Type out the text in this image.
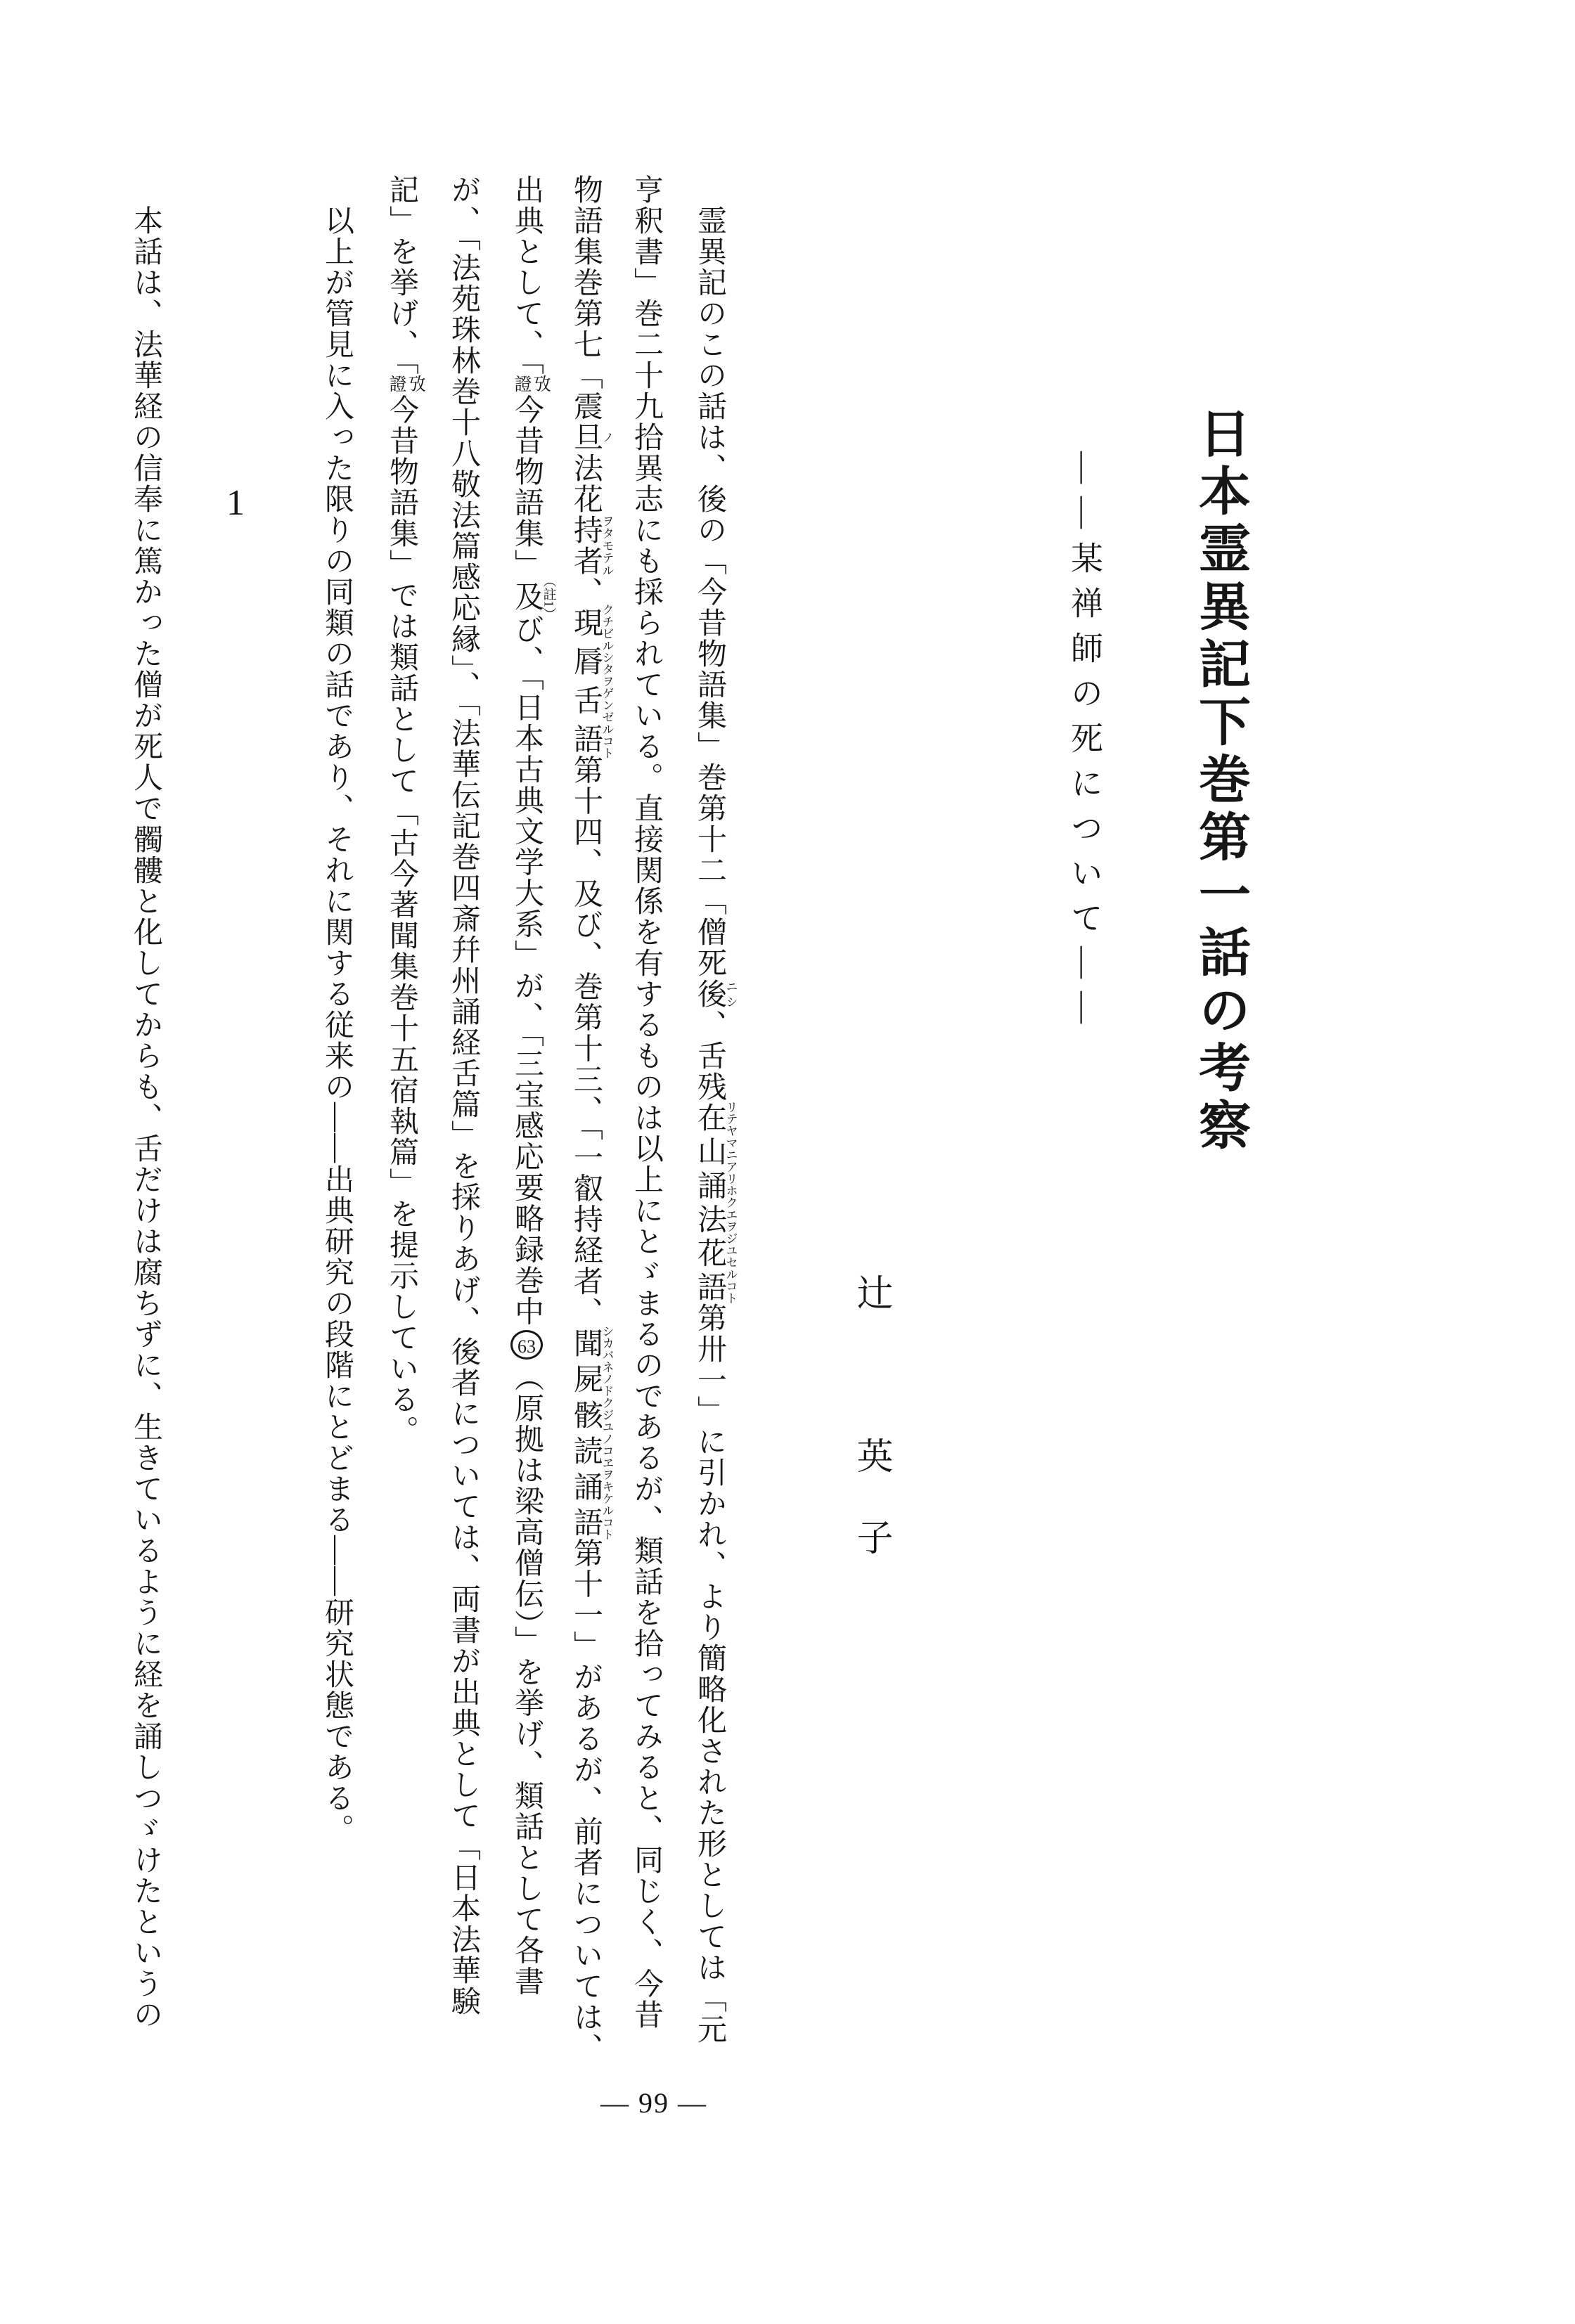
日本霊異記下巻第一話の考察
——某禅師の死について——
辻　　　英　子
　霊異記のこの話は、後の「今昔物語集」巻第十二「僧死後ニシ、舌残在山誦法花語リテヤマニアリホクエヲジユセルコト第卅一」に引かれ、より簡略化された形としては「元
亨釈書」巻二十九拾異志にも採られている。直接関係を有するものは以上にとゞまるのであるが、類話を拾ってみると、同じく、今昔
物語集巻第七「震旦ノ法花持者ヲタモテル、現脣舌語クチビルシタヲゲンゼルコト第十四、及び、巻第十三、「一叡持経者、聞屍骸読誦語シカバネノドクジユノコヱヲキケルコト第十一」があるが、前者については、
出典として、「
攷
證
今昔物語集」及（註1）び、「日本古典文学大系」が、「三宝感応要略録巻中63（原拠は梁高僧伝）」を挙げ、類話として各書
が、「法苑珠林巻十八敬法篇感応縁」、「法華伝記巻四斎幷州誦経舌篇」を採りあげ、後者については、両書が出典として「日本法華験
記」を挙げ、「
攷
證
今昔物語集」では類話として「古今著聞集巻十五宿執篇」を提示している。
　以上が管見に入った限りの同類の話であり、それに関する従来の——出典研究の段階にとどまる——研究状態である。
　本話は、法華経の信奉に篤かった僧が死人で髑髏と化してからも、舌だけは腐ちずに、生きているように経を誦しつゞけたというの 1
— 99 —
